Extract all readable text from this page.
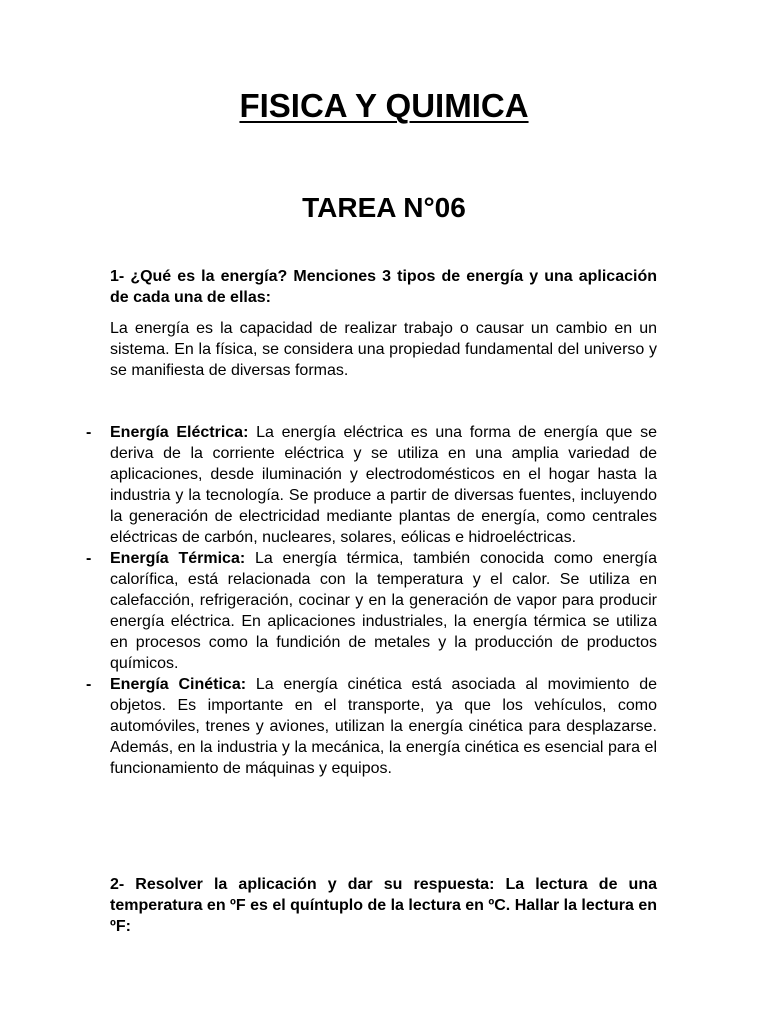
FISICA Y QUIMICA
TAREA N°06

1- ¿Qué es la energía? Menciones 3 tipos de energía y una aplicación de cada una de ellas:

La energía es la capacidad de realizar trabajo o causar un cambio en un sistema. En la física, se considera una propiedad fundamental del universo y se manifiesta de diversas formas.

- Energía Eléctrica: La energía eléctrica es una forma de energía que se deriva de la corriente eléctrica y se utiliza en una amplia variedad de aplicaciones, desde iluminación y electrodomésticos en el hogar hasta la industria y la tecnología. Se produce a partir de diversas fuentes, incluyendo la generación de electricidad mediante plantas de energía, como centrales eléctricas de carbón, nucleares, solares, eólicas e hidroeléctricas.
- Energía Térmica: La energía térmica, también conocida como energía calorífica, está relacionada con la temperatura y el calor. Se utiliza en calefacción, refrigeración, cocinar y en la generación de vapor para producir energía eléctrica. En aplicaciones industriales, la energía térmica se utiliza en procesos como la fundición de metales y la producción de productos químicos.
- Energía Cinética: La energía cinética está asociada al movimiento de objetos. Es importante en el transporte, ya que los vehículos, como automóviles, trenes y aviones, utilizan la energía cinética para desplazarse. Además, en la industria y la mecánica, la energía cinética es esencial para el funcionamiento de máquinas y equipos.

2- Resolver la aplicación y dar su respuesta: La lectura de una temperatura en ºF es el quíntuplo de la lectura en ºC. Hallar la lectura en ºF:
